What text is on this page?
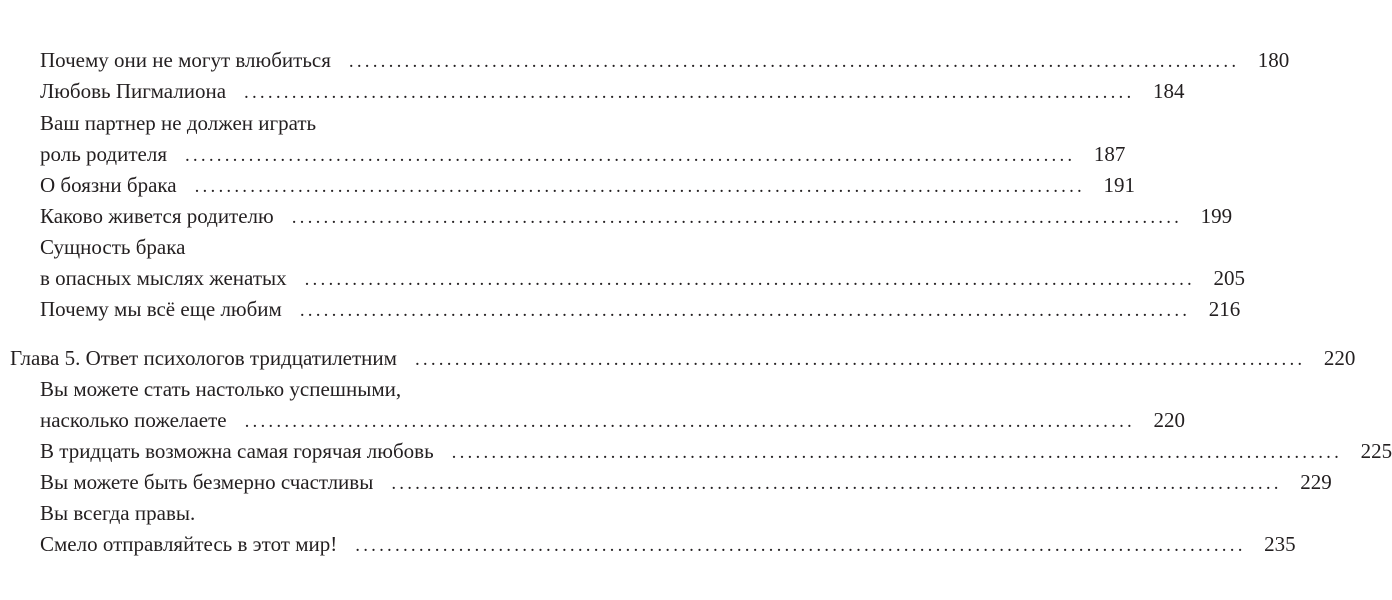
Почему они не могут влюбиться ................................................................................................................ 180
Любовь Пигмалиона ................................................................................................................ 184
Ваш партнер не должен играть
роль родителя ................................................................................................................ 187
О боязни брака ................................................................................................................ 191
Каково живется родителю ................................................................................................................ 199
Сущность брака
в опасных мыслях женатых ................................................................................................................ 205
Почему мы всё еще любим ................................................................................................................ 216
Глава 5. Ответ психологов тридцатилетним ................................................................................................................ 220
Вы можете стать настолько успешными,
насколько пожелаете ................................................................................................................ 220
В тридцать возможна самая горячая любовь ................................................................................................................ 225
Вы можете быть безмерно счастливы ................................................................................................................ 229
Вы всегда правы.
Смело отправляйтесь в этот мир! ................................................................................................................ 235
